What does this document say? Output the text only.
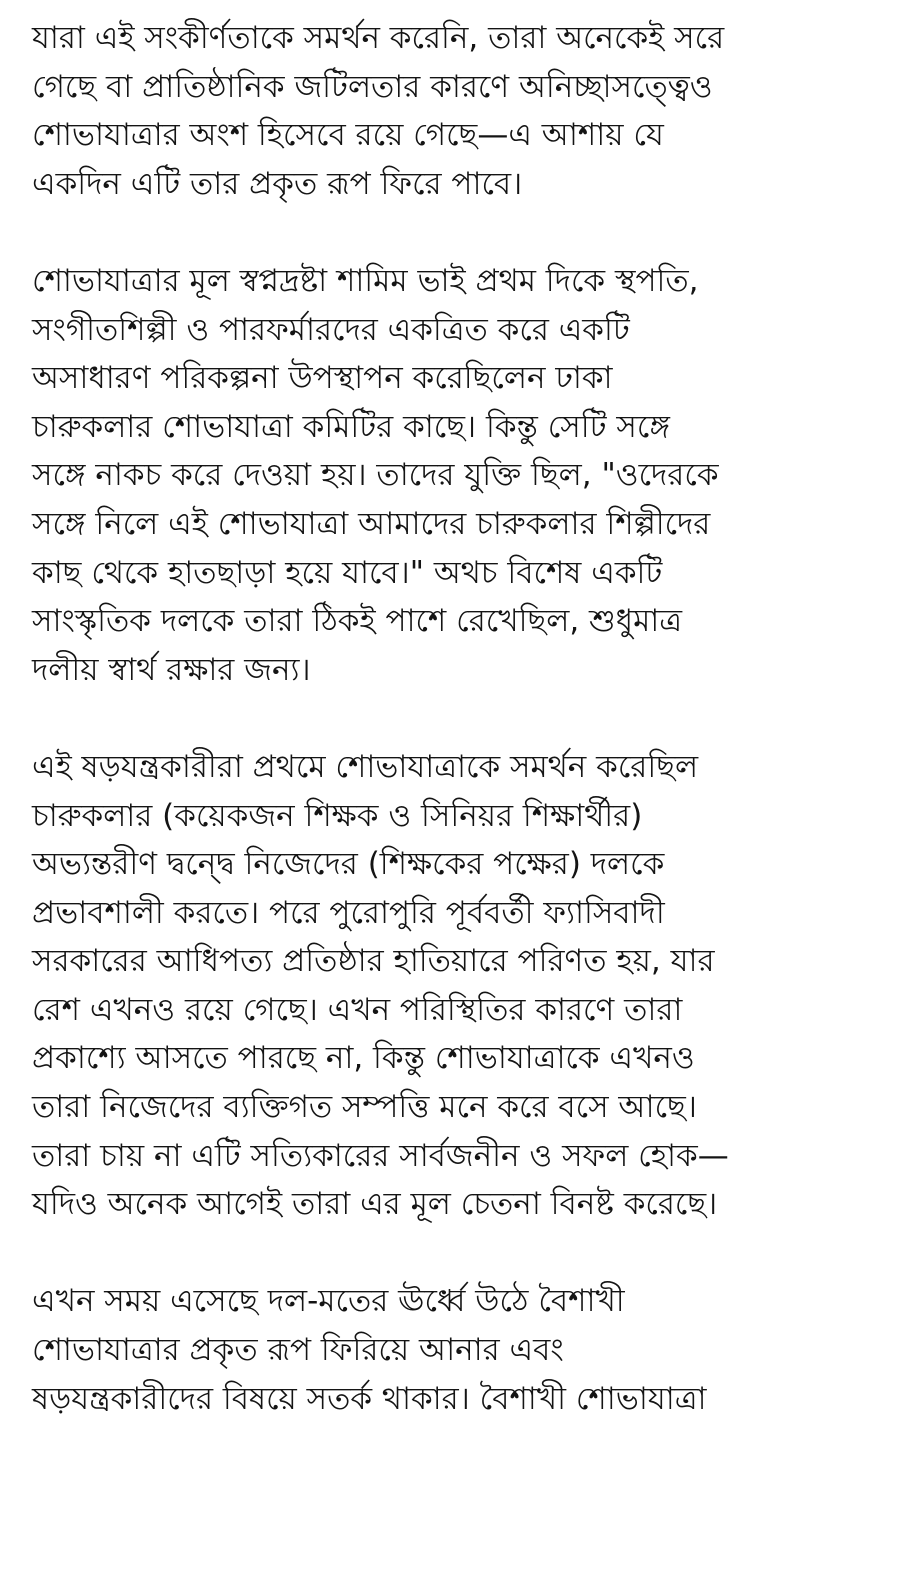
যারা এই সংকীর্ণতাকে সমর্থন করেনি, তারা অনেকেই সরে
গেছে বা প্রাতিষ্ঠানিক জটিলতার কারণে অনিচ্ছাসত্ত্বেও
শোভাযাত্রার অংশ হিসেবে রয়ে গেছে—এ আশায় যে
একদিন এটি তার প্রকৃত রূপ ফিরে পাবে।

শোভাযাত্রার মূল স্বপ্নদ্রষ্টা শামিম ভাই প্রথম দিকে স্থপতি,
সংগীতশিল্পী ও পারফর্মারদের একত্রিত করে একটি
অসাধারণ পরিকল্পনা উপস্থাপন করেছিলেন ঢাকা
চারুকলার শোভাযাত্রা কমিটির কাছে। কিন্তু সেটি সঙ্গে
সঙ্গে নাকচ করে দেওয়া হয়। তাদের যুক্তি ছিল, "ওদেরকে
সঙ্গে নিলে এই শোভাযাত্রা আমাদের চারুকলার শিল্পীদের
কাছ থেকে হাতছাড়া হয়ে যাবে।" অথচ বিশেষ একটি
সাংস্কৃতিক দলকে তারা ঠিকই পাশে রেখেছিল, শুধুমাত্র
দলীয় স্বার্থ রক্ষার জন্য।

এই ষড়যন্ত্রকারীরা প্রথমে শোভাযাত্রাকে সমর্থন করেছিল
চারুকলার (কয়েকজন শিক্ষক ও সিনিয়র শিক্ষার্থীর)
অভ্যন্তরীণ দ্বন্দ্বে নিজেদের (শিক্ষকের পক্ষের) দলকে
প্রভাবশালী করতে। পরে পুরোপুরি পূর্ববর্তী ফ্যাসিবাদী
সরকারের আধিপত্য প্রতিষ্ঠার হাতিয়ারে পরিণত হয়, যার
রেশ এখনও রয়ে গেছে। এখন পরিস্থিতির কারণে তারা
প্রকাশ্যে আসতে পারছে না, কিন্তু শোভাযাত্রাকে এখনও
তারা নিজেদের ব্যক্তিগত সম্পত্তি মনে করে বসে আছে।
তারা চায় না এটি সত্যিকারের সার্বজনীন ও সফল হোক—
যদিও অনেক আগেই তারা এর মূল চেতনা বিনষ্ট করেছে।

এখন সময় এসেছে দল-মতের ঊর্ধ্বে উঠে বৈশাখী
শোভাযাত্রার প্রকৃত রূপ ফিরিয়ে আনার এবং
ষড়যন্ত্রকারীদের বিষয়ে সতর্ক থাকার। বৈশাখী শোভাযাত্রা
